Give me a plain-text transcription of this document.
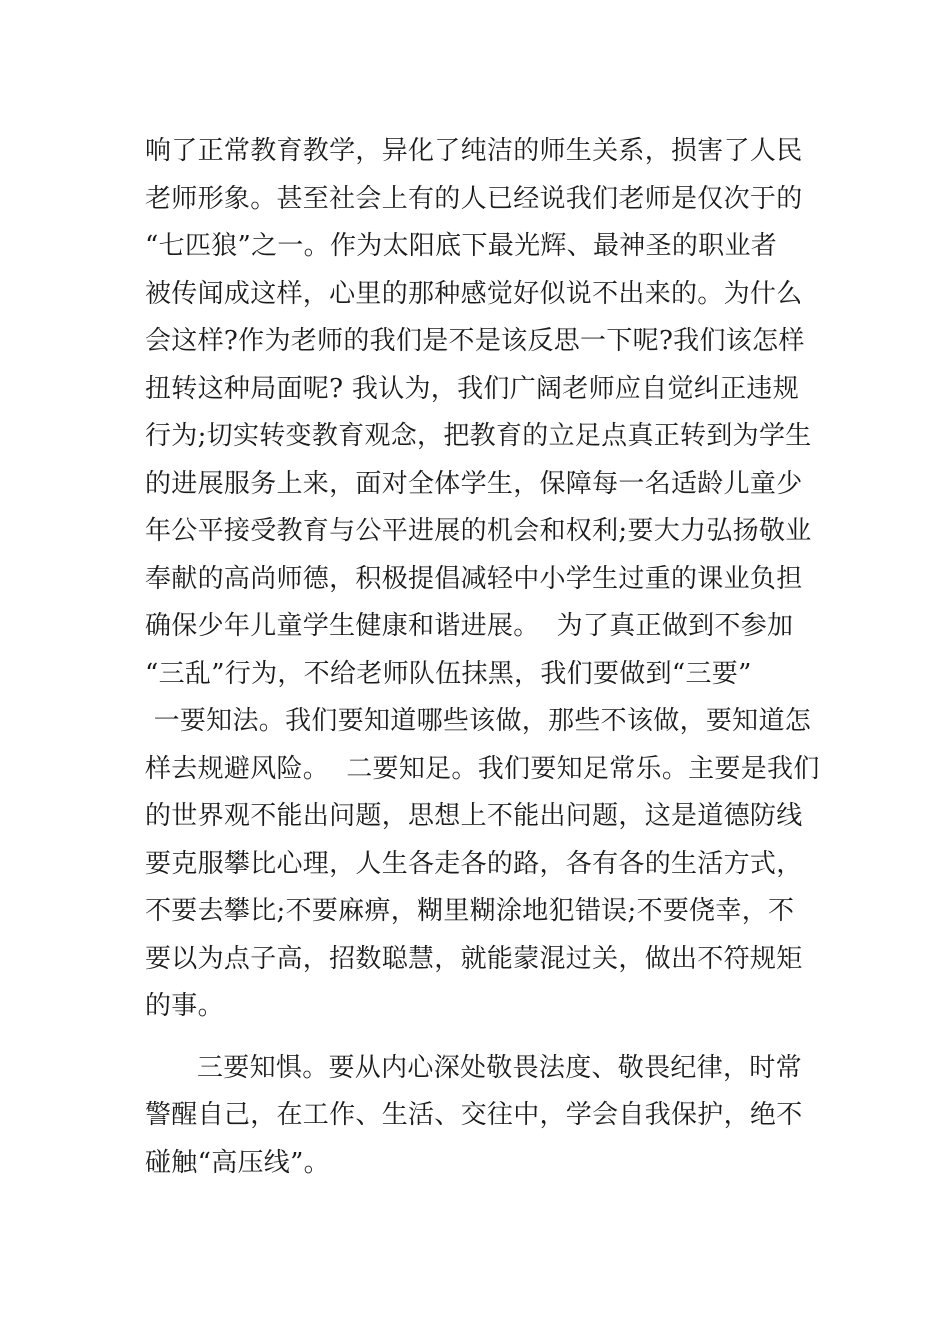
响了正常教育教学，异化了纯洁的师生关系，损害了人民
老师形象。甚至社会上有的人已经说我们老师是仅次于的
“七匹狼”之一。作为太阳底下最光辉、最神圣的职业者
被传闻成这样，心里的那种感觉好似说不出来的。为什么
会这样?作为老师的我们是不是该反思一下呢?我们该怎样
扭转这种局面呢? 我认为，我们广阔老师应自觉纠正违规
行为;切实转变教育观念，把教育的立足点真正转到为学生
的进展服务上来，面对全体学生，保障每一名适龄儿童少
年公平接受教育与公平进展的机会和权利;要大力弘扬敬业
奉献的高尚师德，积极提倡减轻中小学生过重的课业负担
确保少年儿童学生健康和谐进展。  为了真正做到不参加
“三乱”行为，不给老师队伍抹黑，我们要做到“三要”
一要知法。我们要知道哪些该做，那些不该做，要知道怎
样去规避风险。  二要知足。我们要知足常乐。主要是我们
的世界观不能出问题，思想上不能出问题，这是道德防线
要克服攀比心理，人生各走各的路，各有各的生活方式，
不要去攀比;不要麻痹，糊里糊涂地犯错误;不要侥幸，不
要以为点子高，招数聪慧，就能蒙混过关，做出不符规矩
的事。
三要知惧。要从内心深处敬畏法度、敬畏纪律，时常
警醒自己，在工作、生活、交往中，学会自我保护，绝不
碰触“高压线”。
